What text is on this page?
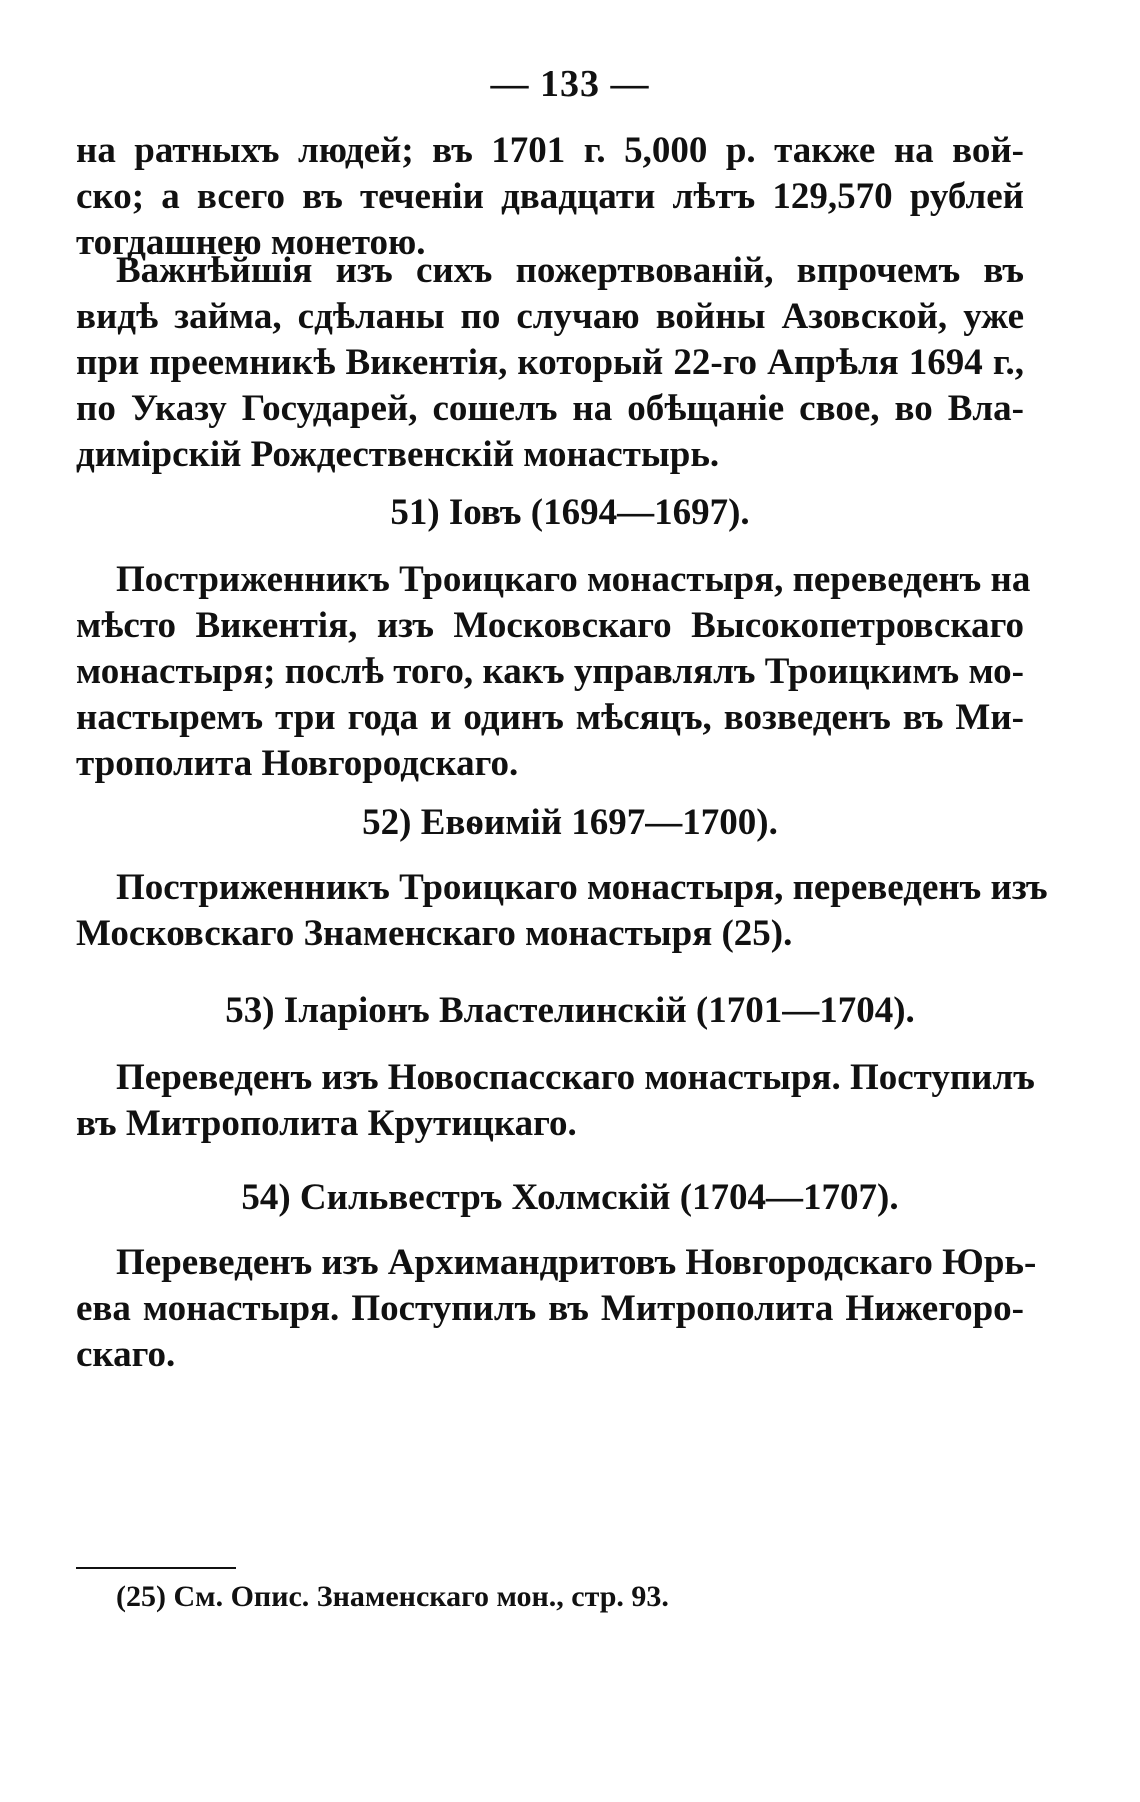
— 133 —
на ратныхъ людей; въ 1701 г. 5,000 р. также на вой-
ско; а всего въ теченіи двадцати лѣтъ 129,570 рублей
тогдашнею монетою.
Важнѣйшія изъ сихъ пожертвованій, впрочемъ въ
видѣ займа, сдѣланы по случаю войны Азовской, уже
при преемникѣ Викентія, который 22-го Апрѣля 1694 г.,
по Указу Государей, сошелъ на обѣщаніе свое, во Вла-
димірскій Рождественскій монастырь.
51) Іовъ (1694—1697).
Постриженникъ Троицкаго монастыря, переведенъ на
мѣсто Викентія, изъ Московскаго Высокопетровскаго
монастыря; послѣ того, какъ управлялъ Троицкимъ мо-
настыремъ три года и одинъ мѣсяцъ, возведенъ въ Ми-
трополита Новгородскаго.
52) Евѳимій 1697—1700).
Постриженникъ Троицкаго монастыря, переведенъ изъ
Московскаго Знаменскаго монастыря (25).
53) Іларіонъ Властелинскій (1701—1704).
Переведенъ изъ Новоспасскаго монастыря. Поступилъ
въ Митрополита Крутицкаго.
54) Сильвестръ Холмскій (1704—1707).
Переведенъ изъ Архимандритовъ Новгородскаго Юрь-
ева монастыря. Поступилъ въ Митрополита Нижегоро-
скаго.
(25) См. Опис. Знаменскаго мон., стр. 93.
